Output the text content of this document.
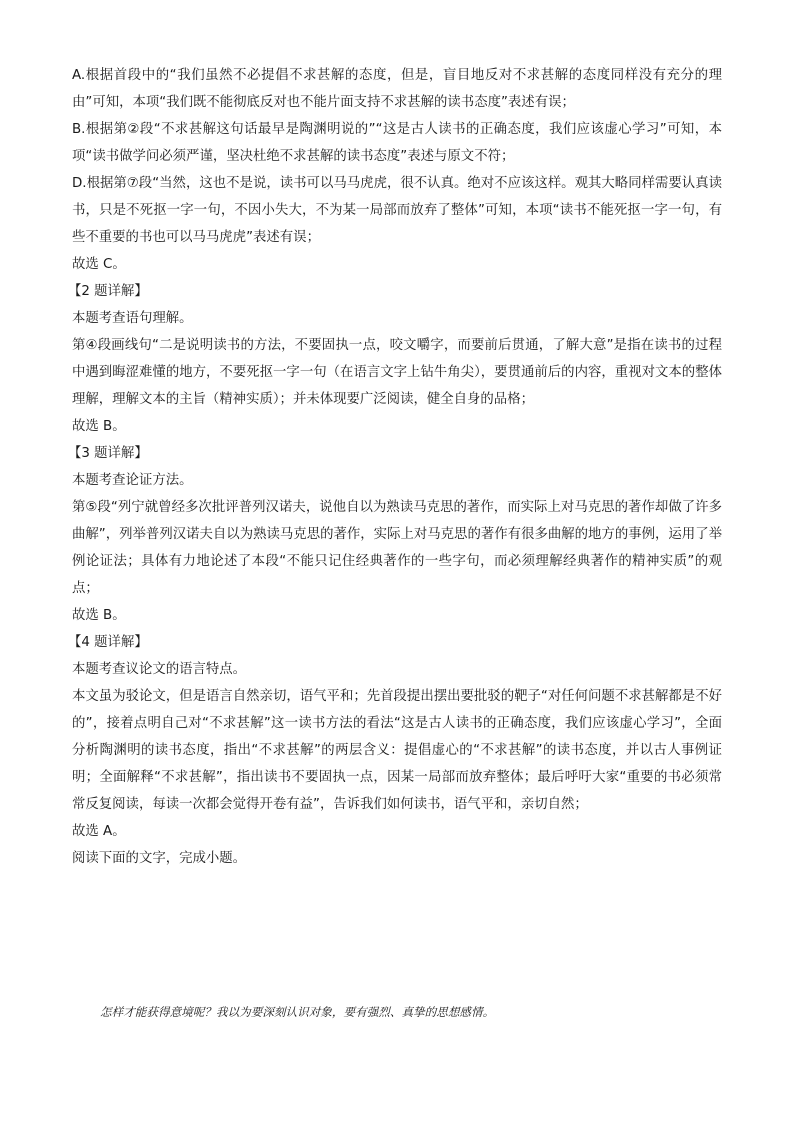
A.根据首段中的“我们虽然不必提倡不求甚解的态度，但是，盲目地反对不求甚解的态度同样没有充分的理由”可知，本项“我们既不能彻底反对也不能片面支持不求甚解的读书态度”表述有误；

B.根据第②段“不求甚解这句话最早是陶渊明说的”“这是古人读书的正确态度，我们应该虚心学习”可知，本项“读书做学问必须严谨，坚决杜绝不求甚解的读书态度”表述与原文不符；

D.根据第⑦段“当然，这也不是说，读书可以马马虎虎，很不认真。绝对不应该这样。观其大略同样需要认真读书，只是不死抠一字一句，不因小失大，不为某一局部而放弃了整体”可知，本项“读书不能死抠一字一句，有些不重要的书也可以马马虎虎”表述有误；

故选 C。

【2 题详解】

本题考查语句理解。

第④段画线句“二是说明读书的方法，不要固执一点，咬文嚼字，而要前后贯通，了解大意”是指在读书的过程中遇到晦涩难懂的地方，不要死抠一字一句（在语言文字上钻牛角尖），要贯通前后的内容，重视对文本的整体理解，理解文本的主旨（精神实质）；并未体现要广泛阅读，健全自身的品格；

故选 B。

【3 题详解】

本题考查论证方法。

第⑤段“列宁就曾经多次批评普列汉诺夫，说他自以为熟读马克思的著作，而实际上对马克思的著作却做了许多曲解”，列举普列汉诺夫自以为熟读马克思的著作，实际上对马克思的著作有很多曲解的地方的事例，运用了举例论证法；具体有力地论述了本段“不能只记住经典著作的一些字句，而必须理解经典著作的精神实质”的观点；

故选 B。

【4 题详解】

本题考查议论文的语言特点。

本文虽为驳论文，但是语言自然亲切，语气平和；先首段提出摆出要批驳的靶子“对任何问题不求甚解都是不好的”，接着点明自己对“不求甚解”这一读书方法的看法“这是古人读书的正确态度，我们应该虚心学习”，全面分析陶渊明的读书态度，指出“不求甚解”的两层含义：提倡虚心的“不求甚解”的读书态度，并以古人事例证明；全面解释“不求甚解”，指出读书不要固执一点，因某一局部而放弃整体；最后呼吁大家“重要的书必须常常反复阅读，每读一次都会觉得开卷有益”，告诉我们如何读书，语气平和，亲切自然；

故选 A。

阅读下面的文字，完成小题。

怎样才能获得意境呢？我以为要深刻认识对象，要有强烈、真挚的思想感情。
